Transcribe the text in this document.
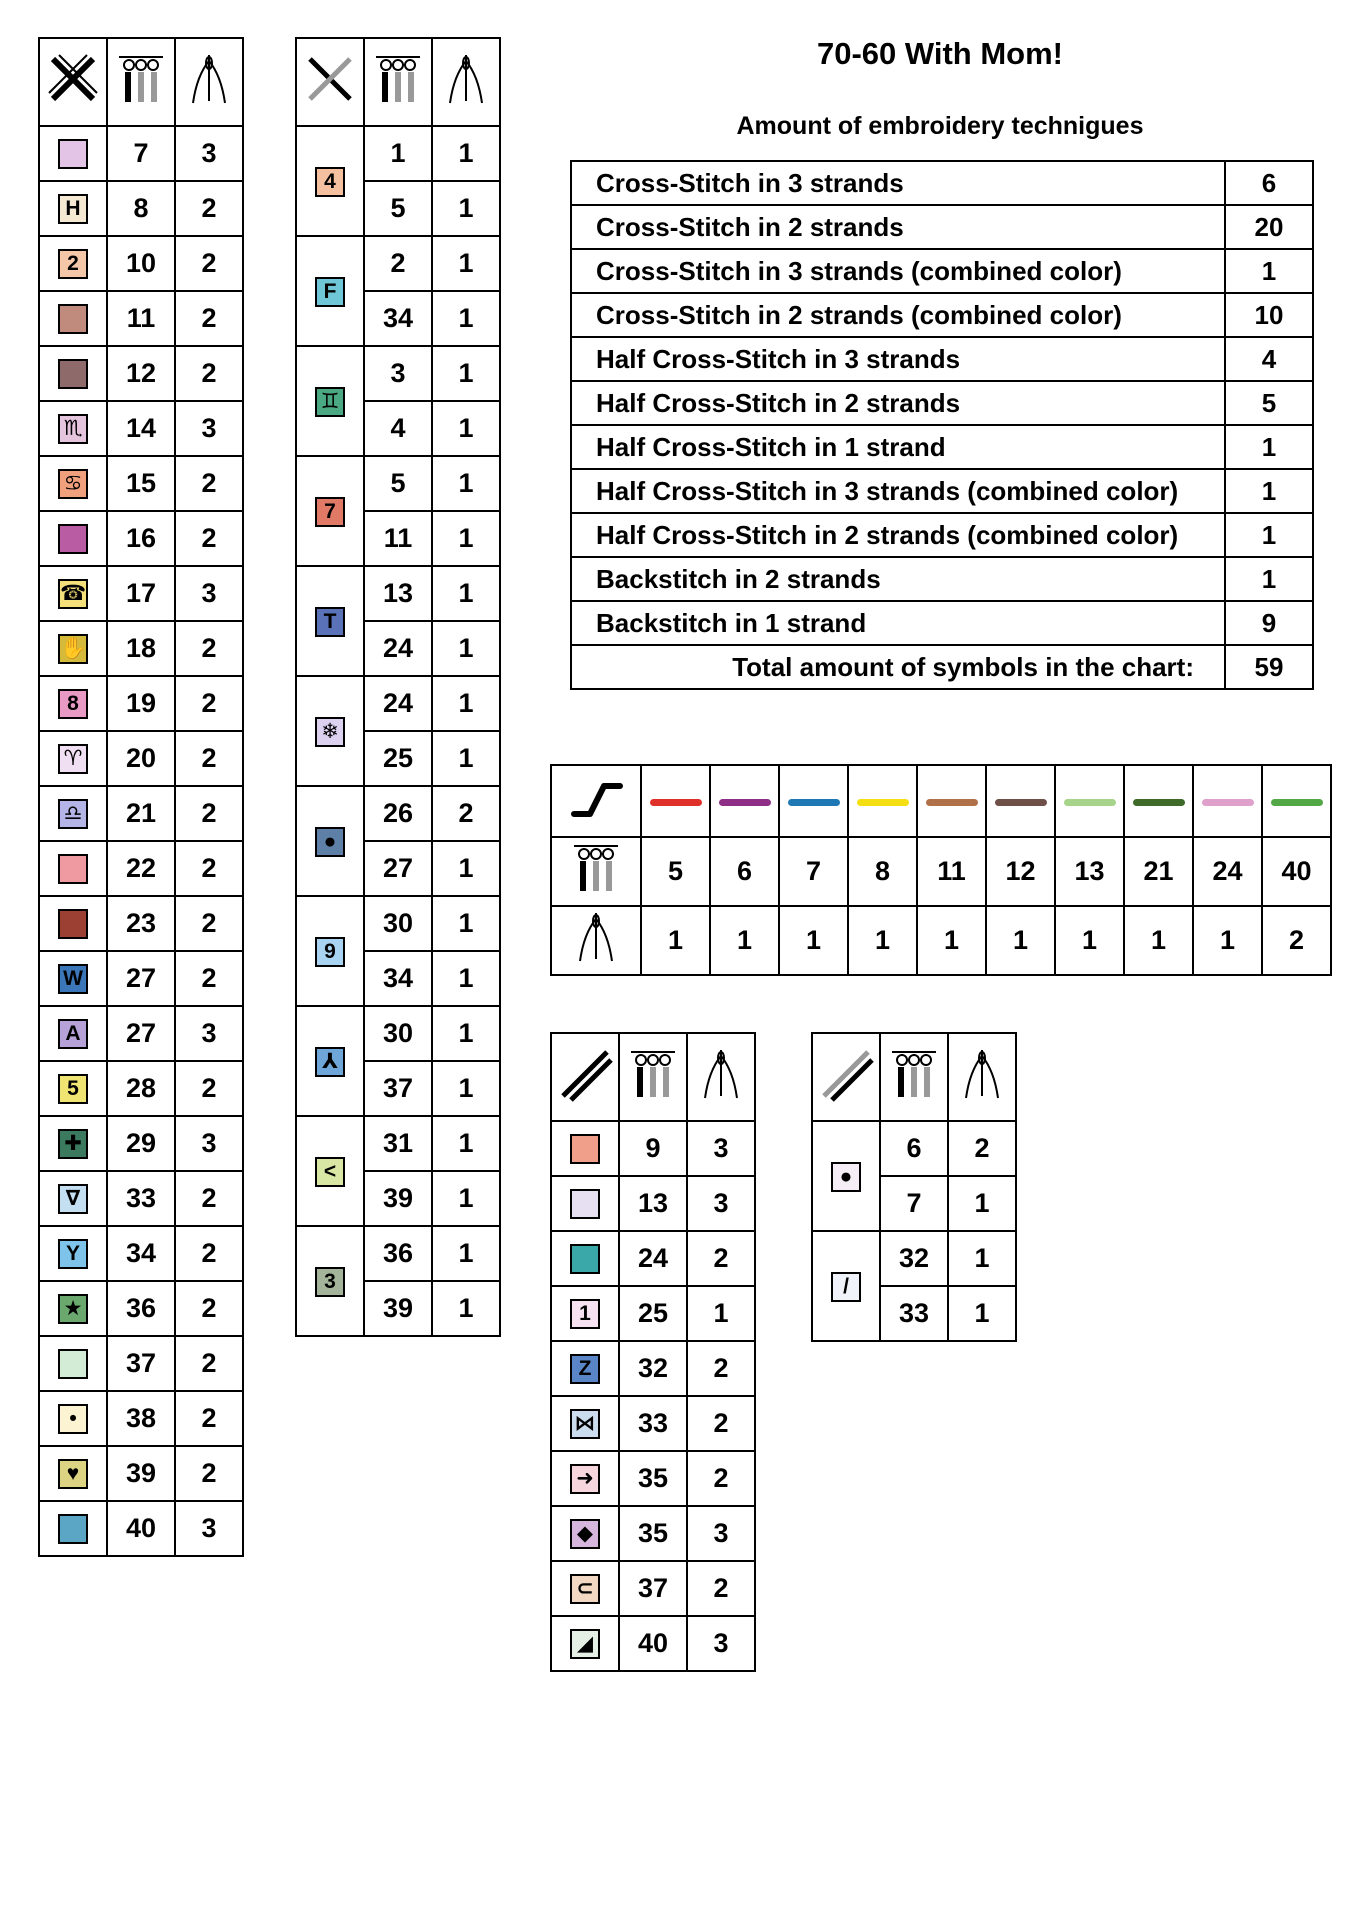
70-60 With Mom!
Amount of embroidery technigues
Cross-Stitch in 3 strands	6
Cross-Stitch in 2 strands	20
Cross-Stitch in 3 strands (combined color)	1
Cross-Stitch in 2 strands (combined color)	10
Half Cross-Stitch in 3 strands	4
Half Cross-Stitch in 2 strands	5
Half Cross-Stitch in 1 strand	1
Half Cross-Stitch in 3 strands (combined color)	1
Half Cross-Stitch in 2 strands (combined color)	1
Backstitch in 2 strands	1
Backstitch in 1 strand	9
Total amount of symbols in the chart:	59

	7	3
H	8	2
2	10	2
	11	2
	12	2
♏	14	3
♋	15	2
	16	2
☎	17	3
✋	18	2
8	19	2
♈	20	2
♎	21	2
	22	2
	23	2
W	27	2
A	27	3
5	28	2
✚	29	3
∇	33	2
Y	34	2
★	36	2
	37	2
•	38	2
♥	39	2
	40	3

4	1	1
	5	1
F	2	1
	34	1
♊	3	1
	4	1
7	5	1
	11	1
T	13	1
	24	1
❄	24	1
	25	1
●	26	2
	27	1
9	30	1
	34	1
⅄	30	1
	37	1
<	31	1
	39	1
3	36	1
	39	1

	5	6	7	8	11	12	13	21	24	40
	1	1	1	1	1	1	1	1	1	2

	9	3
	13	3
	24	2
1	25	1
Z	32	2
⋈	33	2
➜	35	2
◆	35	3
⊂	37	2
◢	40	3

●	6	2
	7	1
/	32	1
	33	1
